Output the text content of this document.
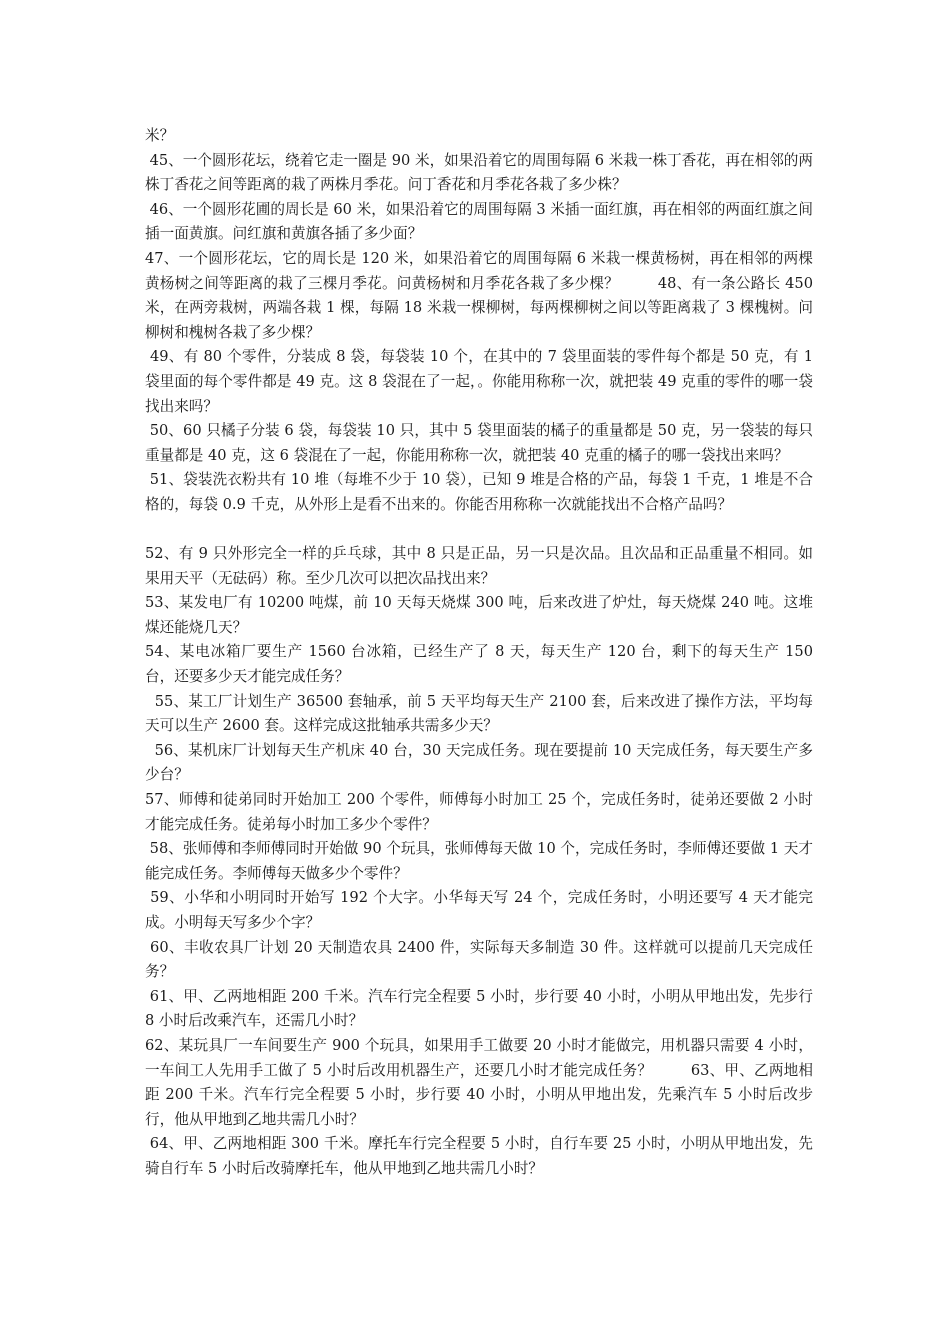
米？

45、一个圆形花坛，绕着它走一圈是 90 米，如果沿着它的周围每隔 6 米栽一株丁香花，再在相邻的两株丁香花之间等距离的栽了两株月季花。问丁香花和月季花各栽了多少株？

46、一个圆形花圃的周长是 60 米，如果沿着它的周围每隔 3 米插一面红旗，再在相邻的两面红旗之间插一面黄旗。问红旗和黄旗各插了多少面？

47、一个圆形花坛，它的周长是 120 米，如果沿着它的周围每隔 6 米栽一棵黄杨树，再在相邻的两棵黄杨树之间等距离的栽了三棵月季花。问黄杨树和月季花各栽了多少棵？        48、有一条公路长 450 米，在两旁栽树，两端各栽 1 棵，每隔 18 米栽一棵柳树，每两棵柳树之间以等距离栽了 3 棵槐树。问柳树和槐树各栽了多少棵？

49、有 80 个零件，分装成 8 袋，每袋装 10 个，在其中的 7 袋里面装的零件每个都是 50 克，有 1 袋里面的每个零件都是 49 克。这 8 袋混在了一起，。你能用称称一次，就把装 49 克重的零件的哪一袋找出来吗？

50、60 只橘子分装 6 袋，每袋装 10 只，其中 5 袋里面装的橘子的重量都是 50 克，另一袋装的每只重量都是 40 克，这 6 袋混在了一起，你能用称称一次，就把装 40 克重的橘子的哪一袋找出来吗？

51、袋装洗衣粉共有 10 堆（每堆不少于 10 袋），已知 9 堆是合格的产品，每袋 1 千克，1 堆是不合格的，每袋 0.9 千克，从外形上是看不出来的。你能否用称称一次就能找出不合格产品吗？

52、有 9 只外形完全一样的乒乓球，其中 8 只是正品，另一只是次品。且次品和正品重量不相同。如果用天平（无砝码）称。至少几次可以把次品找出来？

53、某发电厂有 10200 吨煤，前 10 天每天烧煤 300 吨，后来改进了炉灶，每天烧煤 240 吨。这堆煤还能烧几天？

54、某电冰箱厂要生产 1560 台冰箱，已经生产了 8 天，每天生产 120 台，剩下的每天生产 150 台，还要多少天才能完成任务？

55、某工厂计划生产 36500 套轴承，前 5 天平均每天生产 2100 套，后来改进了操作方法，平均每天可以生产 2600 套。这样完成这批轴承共需多少天？

56、某机床厂计划每天生产机床 40 台，30 天完成任务。现在要提前 10 天完成任务，每天要生产多少台？

57、师傅和徒弟同时开始加工 200 个零件，师傅每小时加工 25 个，完成任务时，徒弟还要做 2 小时才能完成任务。徒弟每小时加工多少个零件？

58、张师傅和李师傅同时开始做 90 个玩具，张师傅每天做 10 个，完成任务时，李师傅还要做 1 天才能完成任务。李师傅每天做多少个零件？

59、小华和小明同时开始写 192 个大字。小华每天写 24 个，完成任务时，小明还要写 4 天才能完成。小明每天写多少个字？

60、丰收农具厂计划 20 天制造农具 2400 件，实际每天多制造 30 件。这样就可以提前几天完成任务？

61、甲、乙两地相距 200 千米。汽车行完全程要 5 小时，步行要 40 小时，小明从甲地出发，先步行 8 小时后改乘汽车，还需几小时？

62、某玩具厂一车间要生产 900 个玩具，如果用手工做要 20 小时才能做完，用机器只需要 4 小时，一车间工人先用手工做了 5 小时后改用机器生产，还要几小时才能完成任务？        63、甲、乙两地相距 200 千米。汽车行完全程要 5 小时，步行要 40 小时，小明从甲地出发，先乘汽车 5 小时后改步行，他从甲地到乙地共需几小时？

64、甲、乙两地相距 300 千米。摩托车行完全程要 5 小时，自行车要 25 小时，小明从甲地出发，先骑自行车 5 小时后改骑摩托车，他从甲地到乙地共需几小时？
